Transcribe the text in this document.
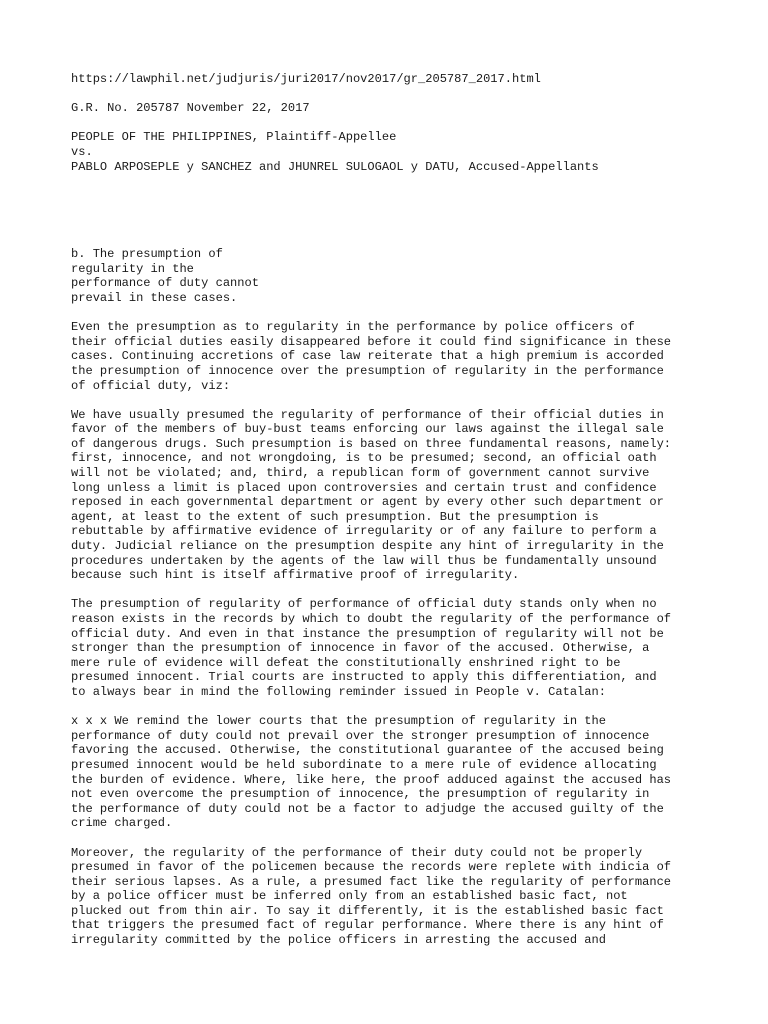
https://lawphil.net/judjuris/juri2017/nov2017/gr_205787_2017.html
G.R. No. 205787 November 22, 2017
PEOPLE OF THE PHILIPPINES, Plaintiff-Appellee
vs.
PABLO ARPOSEPLE y SANCHEZ and JHUNREL SULOGAOL y DATU, Accused-Appellants
b. The presumption of
regularity in the
performance of duty cannot
prevail in these cases.
Even the presumption as to regularity in the performance by police officers of
their official duties easily disappeared before it could find significance in these
cases. Continuing accretions of case law reiterate that a high premium is accorded
the presumption of innocence over the presumption of regularity in the performance
of official duty, viz:
We have usually presumed the regularity of performance of their official duties in
favor of the members of buy-bust teams enforcing our laws against the illegal sale
of dangerous drugs. Such presumption is based on three fundamental reasons, namely:
first, innocence, and not wrongdoing, is to be presumed; second, an official oath
will not be violated; and, third, a republican form of government cannot survive
long unless a limit is placed upon controversies and certain trust and confidence
reposed in each governmental department or agent by every other such department or
agent, at least to the extent of such presumption. But the presumption is
rebuttable by affirmative evidence of irregularity or of any failure to perform a
duty. Judicial reliance on the presumption despite any hint of irregularity in the
procedures undertaken by the agents of the law will thus be fundamentally unsound
because such hint is itself affirmative proof of irregularity.
The presumption of regularity of performance of official duty stands only when no
reason exists in the records by which to doubt the regularity of the performance of
official duty. And even in that instance the presumption of regularity will not be
stronger than the presumption of innocence in favor of the accused. Otherwise, a
mere rule of evidence will defeat the constitutionally enshrined right to be
presumed innocent. Trial courts are instructed to apply this differentiation, and
to always bear in mind the following reminder issued in People v. Catalan:
x x x We remind the lower courts that the presumption of regularity in the
performance of duty could not prevail over the stronger presumption of innocence
favoring the accused. Otherwise, the constitutional guarantee of the accused being
presumed innocent would be held subordinate to a mere rule of evidence allocating
the burden of evidence. Where, like here, the proof adduced against the accused has
not even overcome the presumption of innocence, the presumption of regularity in
the performance of duty could not be a factor to adjudge the accused guilty of the
crime charged.
Moreover, the regularity of the performance of their duty could not be properly
presumed in favor of the policemen because the records were replete with indicia of
their serious lapses. As a rule, a presumed fact like the regularity of performance
by a police officer must be inferred only from an established basic fact, not
plucked out from thin air. To say it differently, it is the established basic fact
that triggers the presumed fact of regular performance. Where there is any hint of
irregularity committed by the police officers in arresting the accused and
